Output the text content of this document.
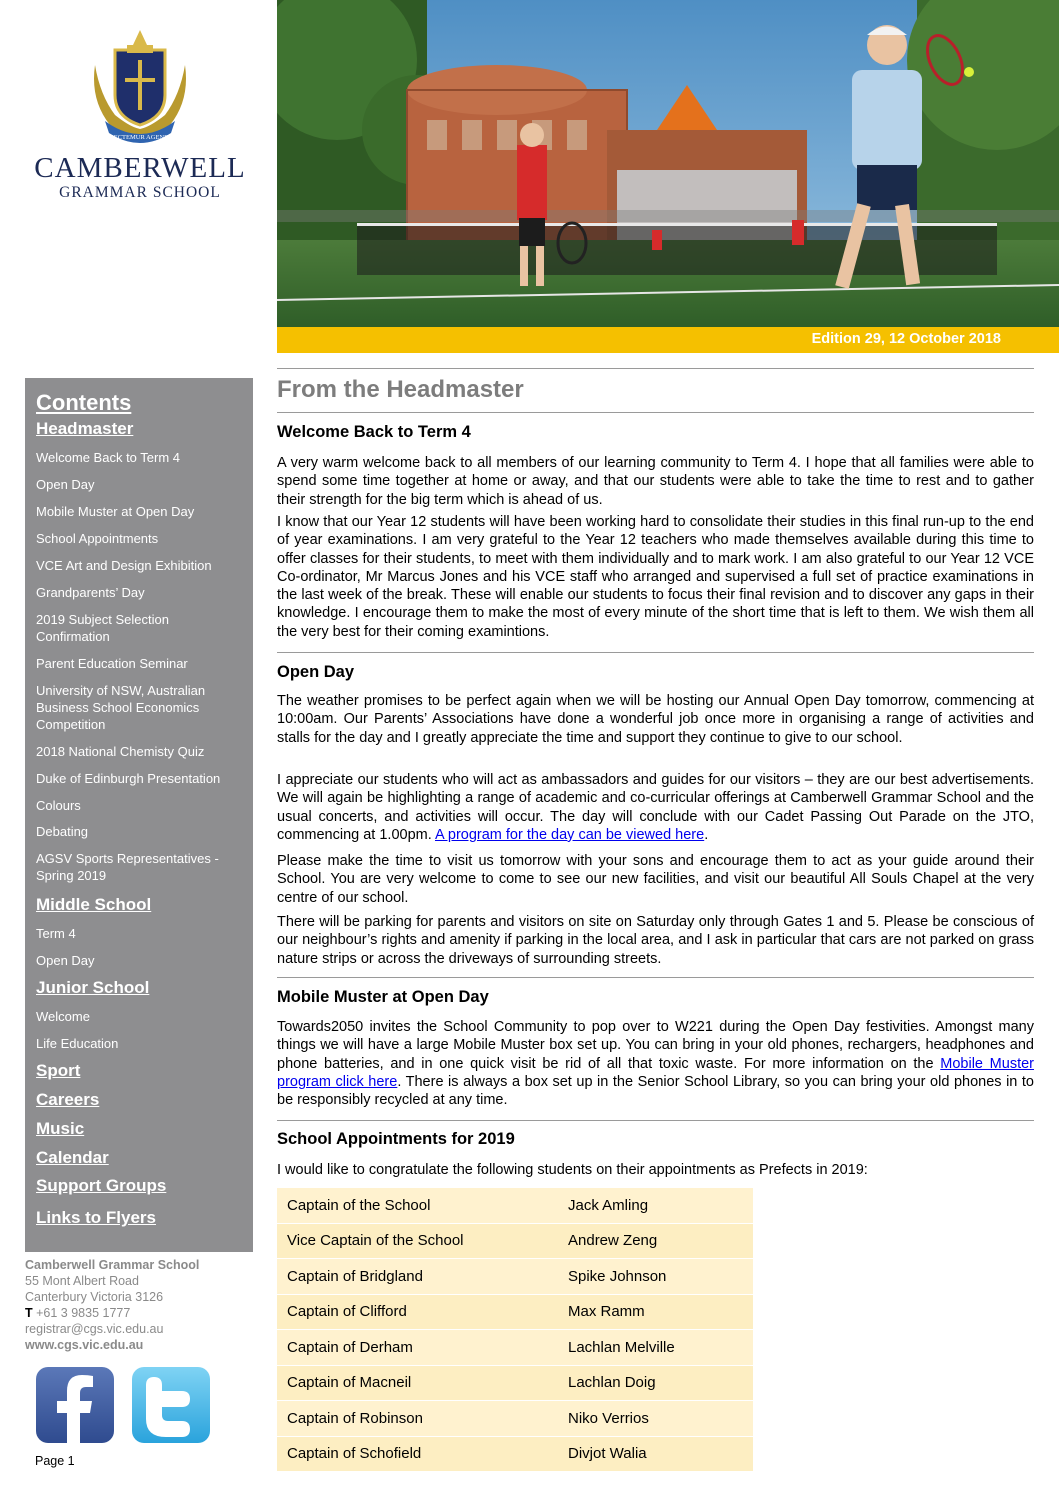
SPECTEMUR AGENDO
CAMBERWELL
GRAMMAR SCHOOL
Edition 29, 12 October 2018
Contents
Headmaster
Welcome Back to Term 4
Open Day
Mobile Muster at Open Day
School Appointments
VCE Art and Design Exhibition
Grandparents’ Day
2019 Subject Selection Confirmation
Parent Education Seminar
University of NSW, Australian Business School Economics Competition
2018 National Chemisty Quiz
Duke of Edinburgh Presentation
Colours
Debating
AGSV Sports Representatives - Spring 2019
Middle School
Term 4
Open Day
Junior School
Welcome
Life Education
Sport
Careers
Music
Calendar
Support Groups
Links to Flyers
Camberwell Grammar School
55 Mont Albert Road
Canterbury Victoria 3126
T +61 3 9835 1777
registrar@cgs.vic.edu.au
www.cgs.vic.edu.au
Page 1
From the Headmaster
Welcome Back to Term 4
A very warm welcome back to all members of our learning community to Term 4. I hope that all families were able to spend some time together at home or away, and that our students were able to take the time to rest and to gather their strength for the big term which is ahead of us.
I know that our Year 12 students will have been working hard to consolidate their studies in this final run-up to the end of year examinations. I am very grateful to the Year 12 teachers who made themselves available during this time to offer classes for their students, to meet with them individually and to mark work. I am also grateful to our Year 12 VCE Co-ordinator, Mr Marcus Jones and his VCE staff who arranged and supervised a full set of practice examinations in the last week of the break. These will enable our students to focus their final revision and to discover any gaps in their knowledge. I encourage them to make the most of every minute of the short time that is left to them. We wish them all the very best for their coming examintions.
Open Day
The weather promises to be perfect again when we will be hosting our Annual Open Day tomorrow, commencing at 10:00am. Our Parents’ Associations have done a wonderful job once more in organising a range of activities and stalls for the day and I greatly appreciate the time and support they continue to give to our school.
I appreciate our students who will act as ambassadors and guides for our visitors – they are our best advertisements. We will again be highlighting a range of academic and co-curricular offerings at Camberwell Grammar School and the usual concerts, and activities will occur. The day will conclude with our Cadet Passing Out Parade on the JTO, commencing at 1.00pm. A program for the day can be viewed here.
Please make the time to visit us tomorrow with your sons and encourage them to act as your guide around their School. You are very welcome to come to see our new facilities, and visit our beautiful All Souls Chapel at the very centre of our school.
There will be parking for parents and visitors on site on Saturday only through Gates 1 and 5. Please be conscious of our neighbour’s rights and amenity if parking in the local area, and I ask in particular that cars are not parked on grass nature strips or across the driveways of surrounding streets.
Mobile Muster at Open Day
Towards2050 invites the School Community to pop over to W221 during the Open Day festivities. Amongst many things we will have a large Mobile Muster box set up. You can bring in your old phones, rechargers, headphones and phone batteries, and in one quick visit be rid of all that toxic waste. For more information on the Mobile Muster program click here. There is always a box set up in the Senior School Library, so you can bring your old phones in to be responsibly recycled at any time.
School Appointments for 2019
I would like to congratulate the following students on their appointments as Prefects in 2019:
Captain of the School	Jack Amling
Vice Captain of the School	Andrew Zeng
Captain of Bridgland	Spike Johnson
Captain of Clifford	Max Ramm
Captain of Derham	Lachlan Melville
Captain of Macneil	Lachlan Doig
Captain of Robinson	Niko Verrios
Captain of Schofield	Divjot Walia
